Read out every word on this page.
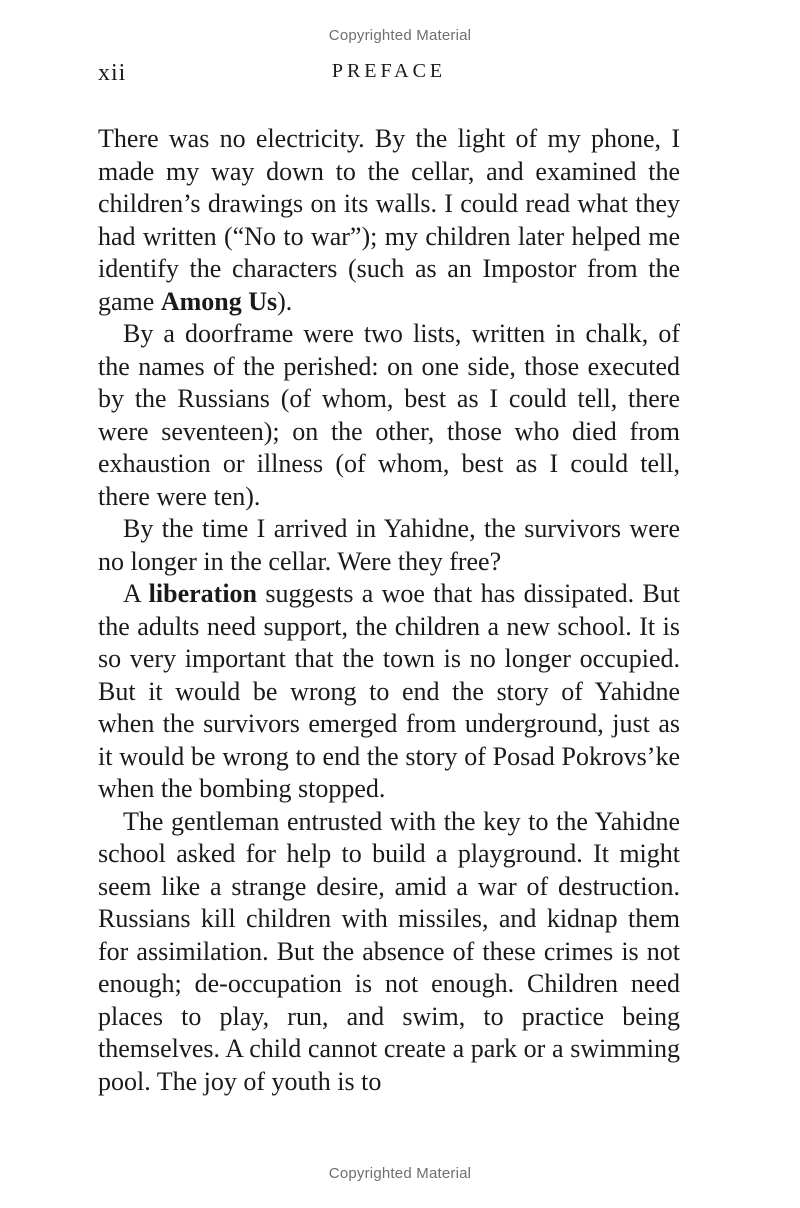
Copyrighted Material
xii	PREFACE

There was no electricity. By the light of my phone, I made my way down to the cellar, and examined the children’s drawings on its walls. I could read what they had written (“No to war”); my children later helped me identify the characters (such as an Impostor from the game Among Us).

By a doorframe were two lists, written in chalk, of the names of the perished: on one side, those executed by the Russians (of whom, best as I could tell, there were seventeen); on the other, those who died from exhaustion or illness (of whom, best as I could tell, there were ten).

By the time I arrived in Yahidne, the survivors were no longer in the cellar. Were they free?

A liberation suggests a woe that has dissipated. But the adults need support, the children a new school. It is so very important that the town is no longer occupied. But it would be wrong to end the story of Yahidne when the survivors emerged from underground, just as it would be wrong to end the story of Posad Pokrovs’ke when the bombing stopped.

The gentleman entrusted with the key to the Yahidne school asked for help to build a playground. It might seem like a strange desire, amid a war of destruction. Russians kill children with missiles, and kidnap them for assimilation. But the absence of these crimes is not enough; de-occupation is not enough. Children need places to play, run, and swim, to practice being themselves. A child cannot create a park or a swimming pool. The joy of youth is to

Copyrighted Material
